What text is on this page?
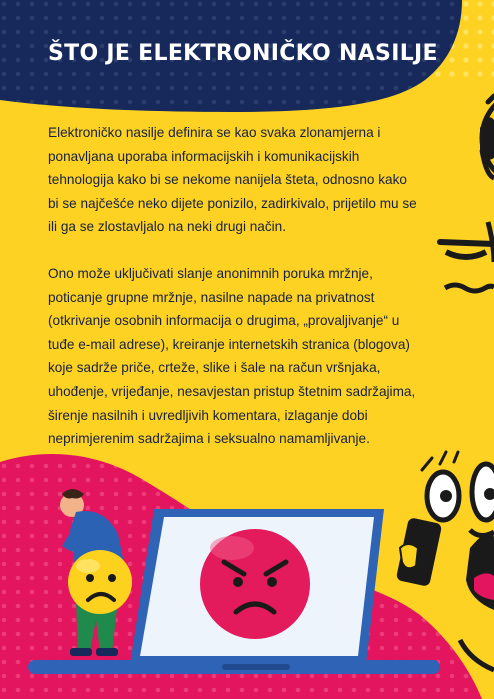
ŠTO JE ELEKTRONIČKO NASILJE

Elektroničko nasilje definira se kao svaka zlonamjerna i
ponavljana uporaba informacijskih i komunikacijskih
tehnologija kako bi se nekome nanijela šteta, odnosno kako
bi se najčešće neko dijete ponizilo, zadirkivalo, prijetilo mu se
ili ga se zlostavljalo na neki drugi način.

Ono može uključivati slanje anonimnih poruka mržnje,
poticanje grupne mržnje, nasilne napade na privatnost
(otkrivanje osobnih informacija o drugima, „provaljivanje“ u
tuđe e-mail adrese), kreiranje internetskih stranica (blogova)
koje sadrže priče, crteže, slike i šale na račun vršnjaka,
uhođenje, vrijeđanje, nesavjestan pristup štetnim sadržajima,
širenje nasilnih i uvredljivih komentara, izlaganje dobi
neprimjerenim sadržajima i seksualno namamljivanje.
